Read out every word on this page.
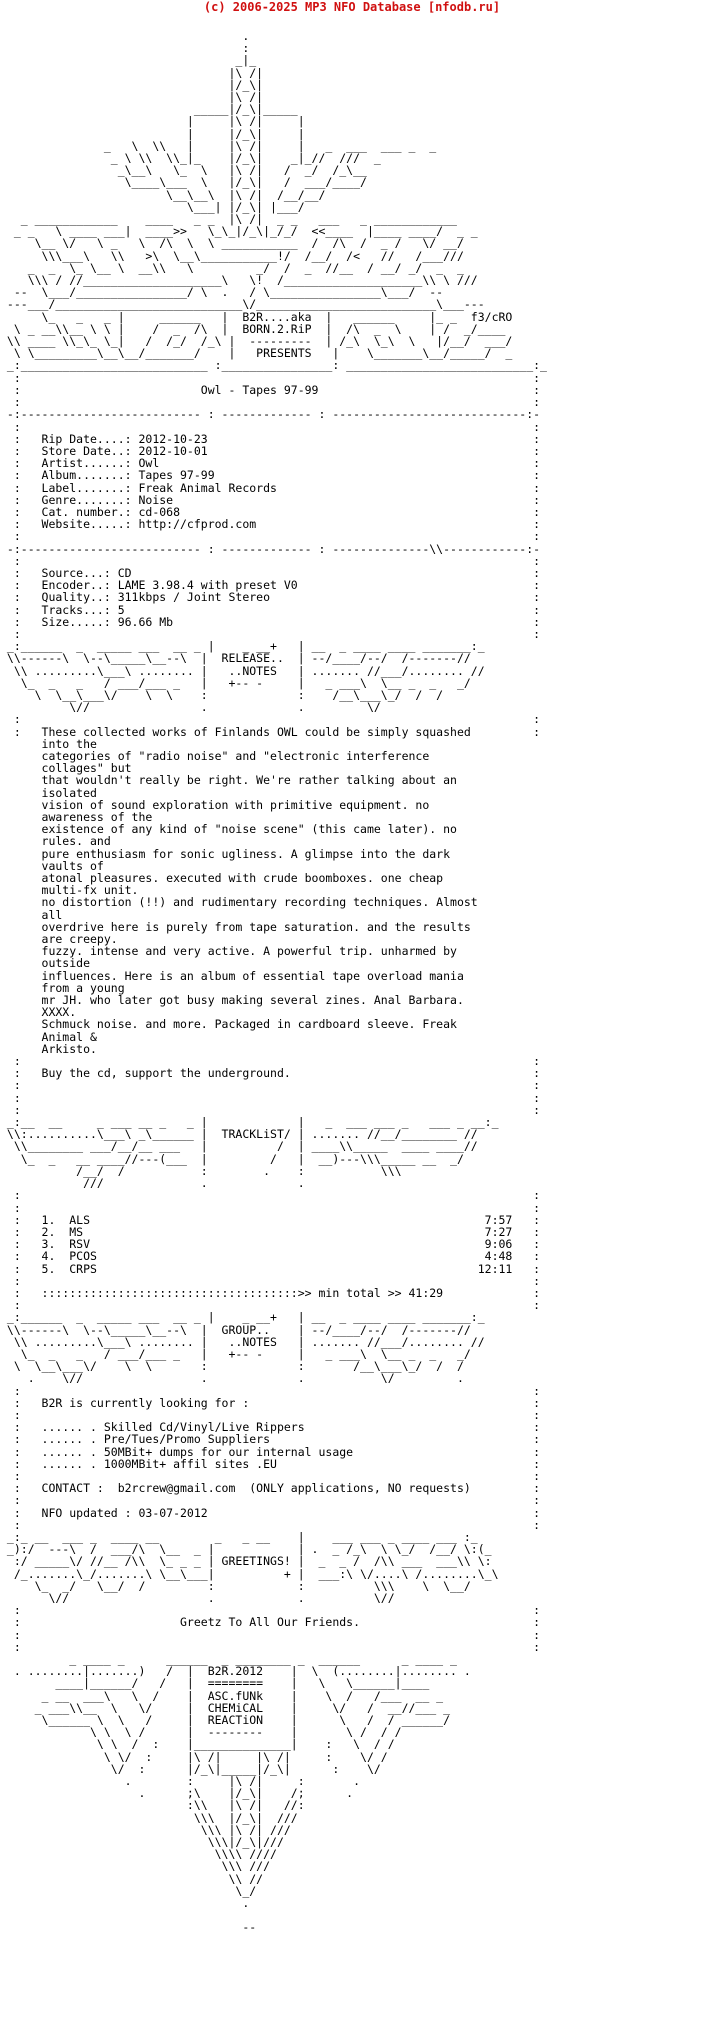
(c) 2006-2025 MP3 NFO Database [nfodb.ru]
.
:
_|_
|\ /|
|/_\|
|\ /|
_____|/_\|_____
|     |\ /|     |
|     |/_\|     |
_   \  \\   |     |\ /|     |   _  ___  ___ _  _
_ \ \\  \\_|_    |/_\|    _|_//  ///  _
_\__\   \_  \   |\ /|   /  _/  /_\__
\____\___  \   |/_\|   /  ___/____/
\__\__\  |\ /|  /__/__/
\___| |/_\| |___/
_ ____________    ____   _ _  |\ /|  _ _   ___   _ ____________
_ _   \ ____ ___|  ____>>   \_\_|/_\|_/_/  <<____  |____ ____/  _ _
\__ \/   \ _   \  /\  \  \ ___________  /  /\  /  _ /   \/ __/
\\\___\   \\   >\  \__\___________!/  /__/  /<   //   /___///
_  _  \_ \__ \  __\\   \         _/  /  _  //__  / __/ _/  _  _
\\\ / //____________________\   \!  /____________________\\ \ ///
--  \___/________________/ \  .   / \________________\___/  --
---___/___________________________\/__________________________\___---
\_   _   _ |     ______   |  B2R....aka  |   ______     |_ _  f3/cRO
\ _ __\\__ \ \ |    /  _  /\  |  BORN.2.RiP  |  /\  _  \    | /  _/____
\\ ____ \\_\_ \_|   /  /_/  /_\ |  ---------  | /_\  \_\  \   |/__/  ___/
\ \_________\__\__/_______/    |   PRESENTS   |    \_______\__/_____/  _
_:___________________________ :________________: ___________________________:_
:                                                                          :
:                          Owl - Tapes 97-99                               :
:                                                                          :
-:-------------------------- : ------------- : ----------------------------:-
:                                                                          :
:   Rip Date....: 2012-10-23                                               :
:   Store Date..: 2012-10-01                                               :
:   Artist......: Owl                                                      :
:   Album.......: Tapes 97-99                                              :
:   Label.......: Freak Animal Records                                     :
:   Genre.......: Noise                                                    :
:   Cat. number.: cd-068                                                   :
:   Website.....: http://cfprod.com                                        :
:                                                                          :
-:-------------------------- : ------------- : --------------\\------------:-
:                                                                          :
:   Source...: CD                                                          :
:   Encoder..: LAME 3.98.4 with preset V0                                  :
:   Quality..: 311kbps / Joint Stereo                                      :
:   Tracks...: 5                                                           :
:   Size.....: 96.66 Mb                                                    :
:                                                                          :
_:______  _  _____ ___  __ _ |    _ __+   | __  _ ____ ____ _______:_
\\------\  \--\_____\__--\  |  RELEASE..  | --/____/--/  /-------//
\\ .........\___\ ........ |   ..NOTES   | ....... //___/........ //
\_  _   _   / ___/___ _   |   +-- -     |   _ ___\  \__ _  _   _/
\  \__\___\/    \  \    :             :    /__\___\_/  /  /
\//                .             .         \/
:                                                                          :
:   These collected works of Finlands OWL could be simply squashed         :
into the
categories of "radio noise" and "electronic interference
collages" but
that wouldn't really be right. We're rather talking about an
isolated
vision of sound exploration with primitive equipment. no
awareness of the
existence of any kind of "noise scene" (this came later). no
rules. and
pure enthusiasm for sonic ugliness. A glimpse into the dark
vaults of
atonal pleasures. executed with crude boomboxes. one cheap
multi-fx unit.
no distortion (!!) and rudimentary recording techniques. Almost
all
overdrive here is purely from tape saturation. and the results
are creepy.
fuzzy. intense and very active. A powerful trip. unharmed by
outside
influences. Here is an album of essential tape overload mania
from a young
mr JH. who later got busy making several zines. Anal Barbara.
XXXX.
Schmuck noise. and more. Packaged in cardboard sleeve. Freak
Animal &
Arkisto.
:                                                                          :
:   Buy the cd, support the underground.                                   :
:                                                                          :
:                                                                          :
:                                                                          :
_:__  __     _ ___ __ _   _ |             |   _  ___ ___ _   ___ _ __:_
\\:..........\___\ _\______ |  TRACKLiST/ | ....... //__/________ //
\\________ ___/__/__ ___   |          /  | ____\\_____  ____ ____//
\_  _   __ ____//---(___  |         /   |  __)---\\\_____ __  _/
/__/  /           :        .    :           \\\
///              .             .
:                                                                          :
:                                                                          :
:   1.  ALS                                                         7:57   :
:   2.  MS                                                          7:27   :
:   3.  RSV                                                         9:06   :
:   4.  PCOS                                                        4:48   :
:   5.  CRPS                                                       12:11   :
:                                                                          :
:   :::::::::::::::::::::::::::::::::::::>> min total >> 41:29             :
:                                                                          :
_:______  _  _____ ___  __ _ |    _ __+   | __  _ ____ ____ _______:_
\\------\  \--\_____\__--\  |  GROUP..    | --/____/--/  /-------//
\\ .........\___\ ........ |   ..NOTES   | ....... //___/........ //
\_  _   _   / ___/___ _   |   +-- -     |   _ ___\  \__ _  _   _/
\  \__\___\/    \  \       :             :       /__\___\_/  /  /
.    \//                 .             .           \/         .
:                                                                          :
:   B2R is currently looking for :                                         :
:                                                                          :
:   ...... . Skilled Cd/Vinyl/Live Rippers                                 :
:   ...... . Pre/Tues/Promo Suppliers                                      :
:   ...... . 50MBit+ dumps for our internal usage                          :
:   ...... . 1000MBit+ affil sites .EU                                     :
:                                                                          :
:   CONTACT :  b2rcrew@gmail.com  (ONLY applications, NO requests)         :
:                                                                          :
:   NFO updated : 03-07-2012                                               :
:                                                                          :
_:_ __  ___ _  ____ __        _   _ __    |    ___ ___ _ ____ ___ :_
_):/  ---\  /  ___/\  \__  _ |            | .  _ /_\  \ \_/  /__/ \:(_
:/ _____\/ //__ /\\  \_ _ _ | GREETINGS! |  _  _ /  /\\ ___  ___\\ \:
/_.......\_/.......\ \__\___|          + |  ___:\ \/....\ /........\_\
\_  _/   \__/  /         :            :          \\\    \  \__/
\//                    .            .          \//
:                                                                          :
:                       Greetz To All Our Friends.                         :
:                                                                          :
:                                                                          :
_ ____ _      ______  _ ________ _  ______      _ ____ _
. ........|.......)   /  |  B2R.2012    |  \  (........|........ .
____|______/   /   |  ========    |   \   \______|____
_ __  ___\   \  /    |  ASC.fUNk    |    \  /   /___  __ _
_ ___\\__  \   \/     |  CHEMiCAL    |     \/   /  __//___ _
\______ \  \   /     |  REACTiON    |      \   /  / ______/
\ \  \ /      |  --------    |       \ /  / /
\ \  /  :    |______________|    :   \  / /
\ \/  :     |\ /|     |\ /|     :    \/ /
\/  :      |/_\|_____|/_\|      :    \/
.        :     |\ /|     :       .
.      ;\    |/_\|    /;      .
:\\   |\ /|   //:
\\\  |/_\|  ///
\\\ |\ /| ///
\\\|/_\|///
\\\\ ////
\\\ ///
\\ //
\_/
.

--
